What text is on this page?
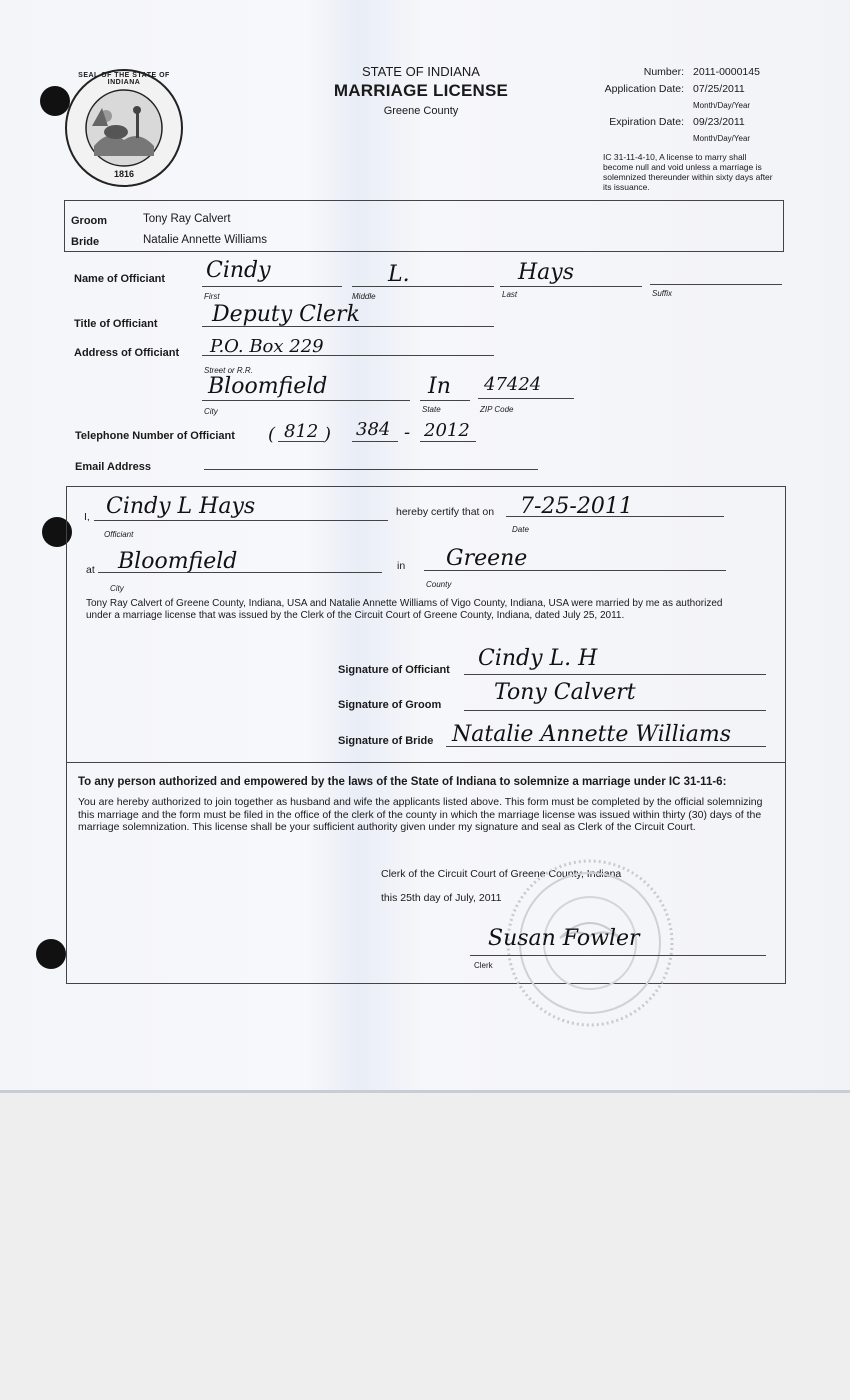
SEAL OF THE STATE OF INDIANA
1816
STATE OF INDIANA
MARRIAGE LICENSE
Greene County
Number: 2011-0000145
Application Date: 07/25/2011
Month/Day/Year
Expiration Date: 09/23/2011
Month/Day/Year
IC 31-11-4-10, A license to marry shall become null and void unless a marriage is solemnized thereunder within sixty days after its issuance.
Groom	Tony Ray Calvert
Bride	Natalie Annette Williams
Name of Officiant Cindy
First
L.
Middle
Hays
Last	Suffix
Title of Officiant Deputy Clerk
Address of Officiant P.O. Box 229
Street or R.R.
Bloomfield
City
In
State
47424
ZIP Code
Telephone Number of Officiant ( 812 ) 384 - 2012
Email Address
I, Cindy L Hays
Officiant
hereby certify that on 7-25-2011
Date
at Bloomfield
City
in Greene
County
Tony Ray Calvert of Greene County, Indiana, USA and Natalie Annette Williams of Vigo County, Indiana, USA were married by me as authorized under a marriage license that was issued by the Clerk of the Circuit Court of Greene County, Indiana, dated July 25, 2011.
Signature of Officiant Cindy L. H
Signature of Groom Tony Calvert
Signature of Bride Natalie Annette Williams
To any person authorized and empowered by the laws of the State of Indiana to solemnize a marriage under IC 31-11-6:
You are hereby authorized to join together as husband and wife the applicants listed above. This form must be completed by the official solemnizing this marriage and the form must be filed in the office of the clerk of the county in which the marriage license was issued within thirty (30) days of the marriage solemnization. This license shall be your sufficient authority given under my signature and seal as Clerk of the Circuit Court.
Clerk of the Circuit Court of Greene County, Indiana
this 25th day of July, 2011
Susan Fowler
Clerk
